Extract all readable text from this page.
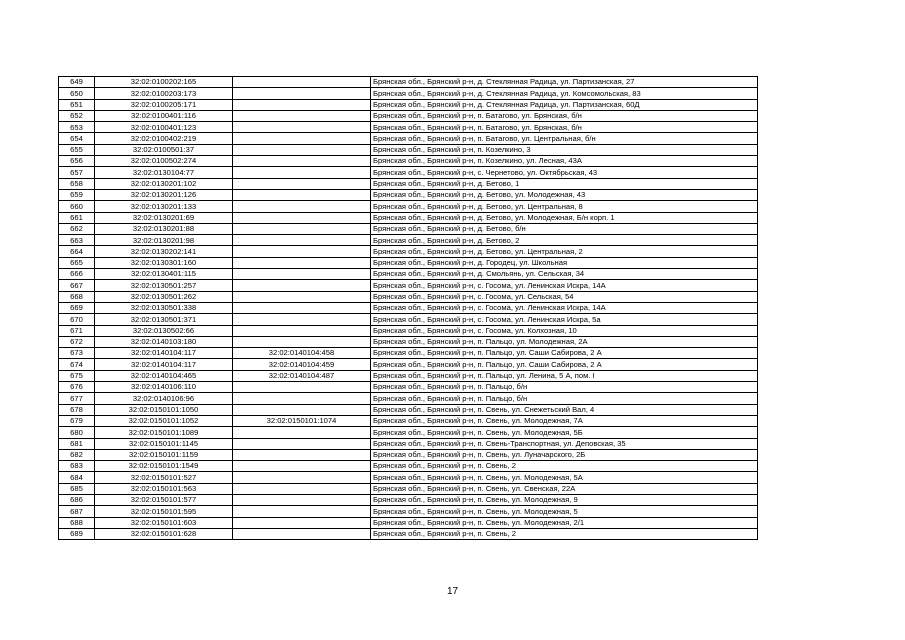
649	32:02:0100202:165		Брянская обл., Брянский р-н, д. Стеклянная Радица, ул. Партизанская, 27
650	32:02:0100203:173		Брянская обл., Брянский р-н, д. Стеклянная Радица, ул. Комсомольская, 83
651	32:02:0100205:171		Брянская обл., Брянский р-н, д. Стеклянная Радица, ул. Партизанская, 60Д
652	32:02:0100401:116		Брянская обл., Брянский р-н, п. Батагово, ул. Брянская, б/н
653	32:02:0100401:123		Брянская обл., Брянский р-н, п. Батагово, ул. Брянская, б/н
654	32:02:0100402:219		Брянская обл., Брянский р-н, п. Батагово, ул. Центральная, б/н
655	32:02:0100501:37		Брянская обл., Брянский р-н, п. Козелкино, 3
656	32:02:0100502:274		Брянская обл., Брянский р-н, п. Козелкино, ул. Лесная, 43А
657	32:02:0130104:77		Брянская обл., Брянский р-н, с. Чернетово, ул. Октябрьская, 43
658	32:02:0130201:102		Брянская обл., Брянский р-н, д. Бетово, 1
659	32:02:0130201:126		Брянская обл., Брянский р-н, д. Бетово, ул. Молодежная, 43
660	32:02:0130201:133		Брянская обл., Брянский р-н, д. Бетово, ул. Центральная, 8
661	32:02:0130201:69		Брянская обл., Брянский р-н, д. Бетово, ул. Молодежная, Б/н корп. 1
662	32:02:0130201:88		Брянская обл., Брянский р-н, д. Бетово, б/н
663	32:02:0130201:98		Брянская обл., Брянский р-н, д. Бетово, 2
664	32:02:0130202:141		Брянская обл., Брянский р-н, д. Бетово, ул. Центральная, 2
665	32:02:0130301:160		Брянская обл., Брянский р-н, д. Городец, ул. Школьная
666	32:02:0130401:115		Брянская обл., Брянский р-н, д. Смольянь, ул. Сельская, 34
667	32:02:0130501:257		Брянская обл., Брянский р-н, с. Госома, ул. Ленинская Искра, 14А
668	32:02:0130501:262		Брянская обл., Брянский р-н, с. Госома, ул. Сельская, 54
669	32:02:0130501:338		Брянская обл., Брянский р-н, с. Госома, ул. Ленинская Искра, 14А
670	32:02:0130501:371		Брянская обл., Брянский р-н, с. Госома, ул. Ленинская Искра, 5а
671	32:02:0130502:66		Брянская обл., Брянский р-н, с. Госома, ул. Колхозная, 10
672	32:02:0140103:180		Брянская обл., Брянский р-н, п. Пальцо, ул. Молодежная, 2А
673	32:02:0140104:117	32:02:0140104:458	Брянская обл., Брянский р-н, п. Пальцо, ул. Саши Сабирова, 2 А
674	32:02:0140104:117	32:02:0140104:459	Брянская обл., Брянский р-н, п. Пальцо, ул. Саши Сабирова, 2 А
675	32:02:0140104:465	32:02:0140104:487	Брянская обл., Брянский р-н, п. Пальцо, ул. Ленина, 5 А, пом. I
676	32:02:0140106:110		Брянская обл., Брянский р-н, п. Пальцо, б/н
677	32:02:0140106:96		Брянская обл., Брянский р-н, п. Пальцо, б/н
678	32:02:0150101:1050		Брянская обл., Брянский р-н, п. Свень, ул. Снежетьский Вал, 4
679	32:02:0150101:1052	32:02:0150101:1074	Брянская обл., Брянский р-н, п. Свень, ул. Молодежная, 7А
680	32:02:0150101:1089		Брянская обл., Брянский р-н, п. Свень, ул. Молодежная, 5Б
681	32:02:0150101:1145		Брянская обл., Брянский р-н, п. Свень-Транспортная, ул. Деповская, 35
682	32:02:0150101:1159		Брянская обл., Брянский р-н, п. Свень, ул. Луначарского, 2Б
683	32:02:0150101:1549		Брянская обл., Брянский р-н, п. Свень, 2
684	32:02:0150101:527		Брянская обл., Брянский р-н, п. Свень, ул. Молодежная, 5А
685	32:02:0150101:563		Брянская обл., Брянский р-н, п. Свень, ул. Свенская, 22А
686	32:02:0150101:577		Брянская обл., Брянский р-н, п. Свень, ул. Молодежная, 9
687	32:02:0150101:595		Брянская обл., Брянский р-н, п. Свень, ул. Молодежная, 5
688	32:02:0150101:603		Брянская обл., Брянский р-н, п. Свень, ул. Молодежная, 2/1
689	32:02:0150101:628		Брянская обл., Брянский р-н, п. Свень, 2
17
